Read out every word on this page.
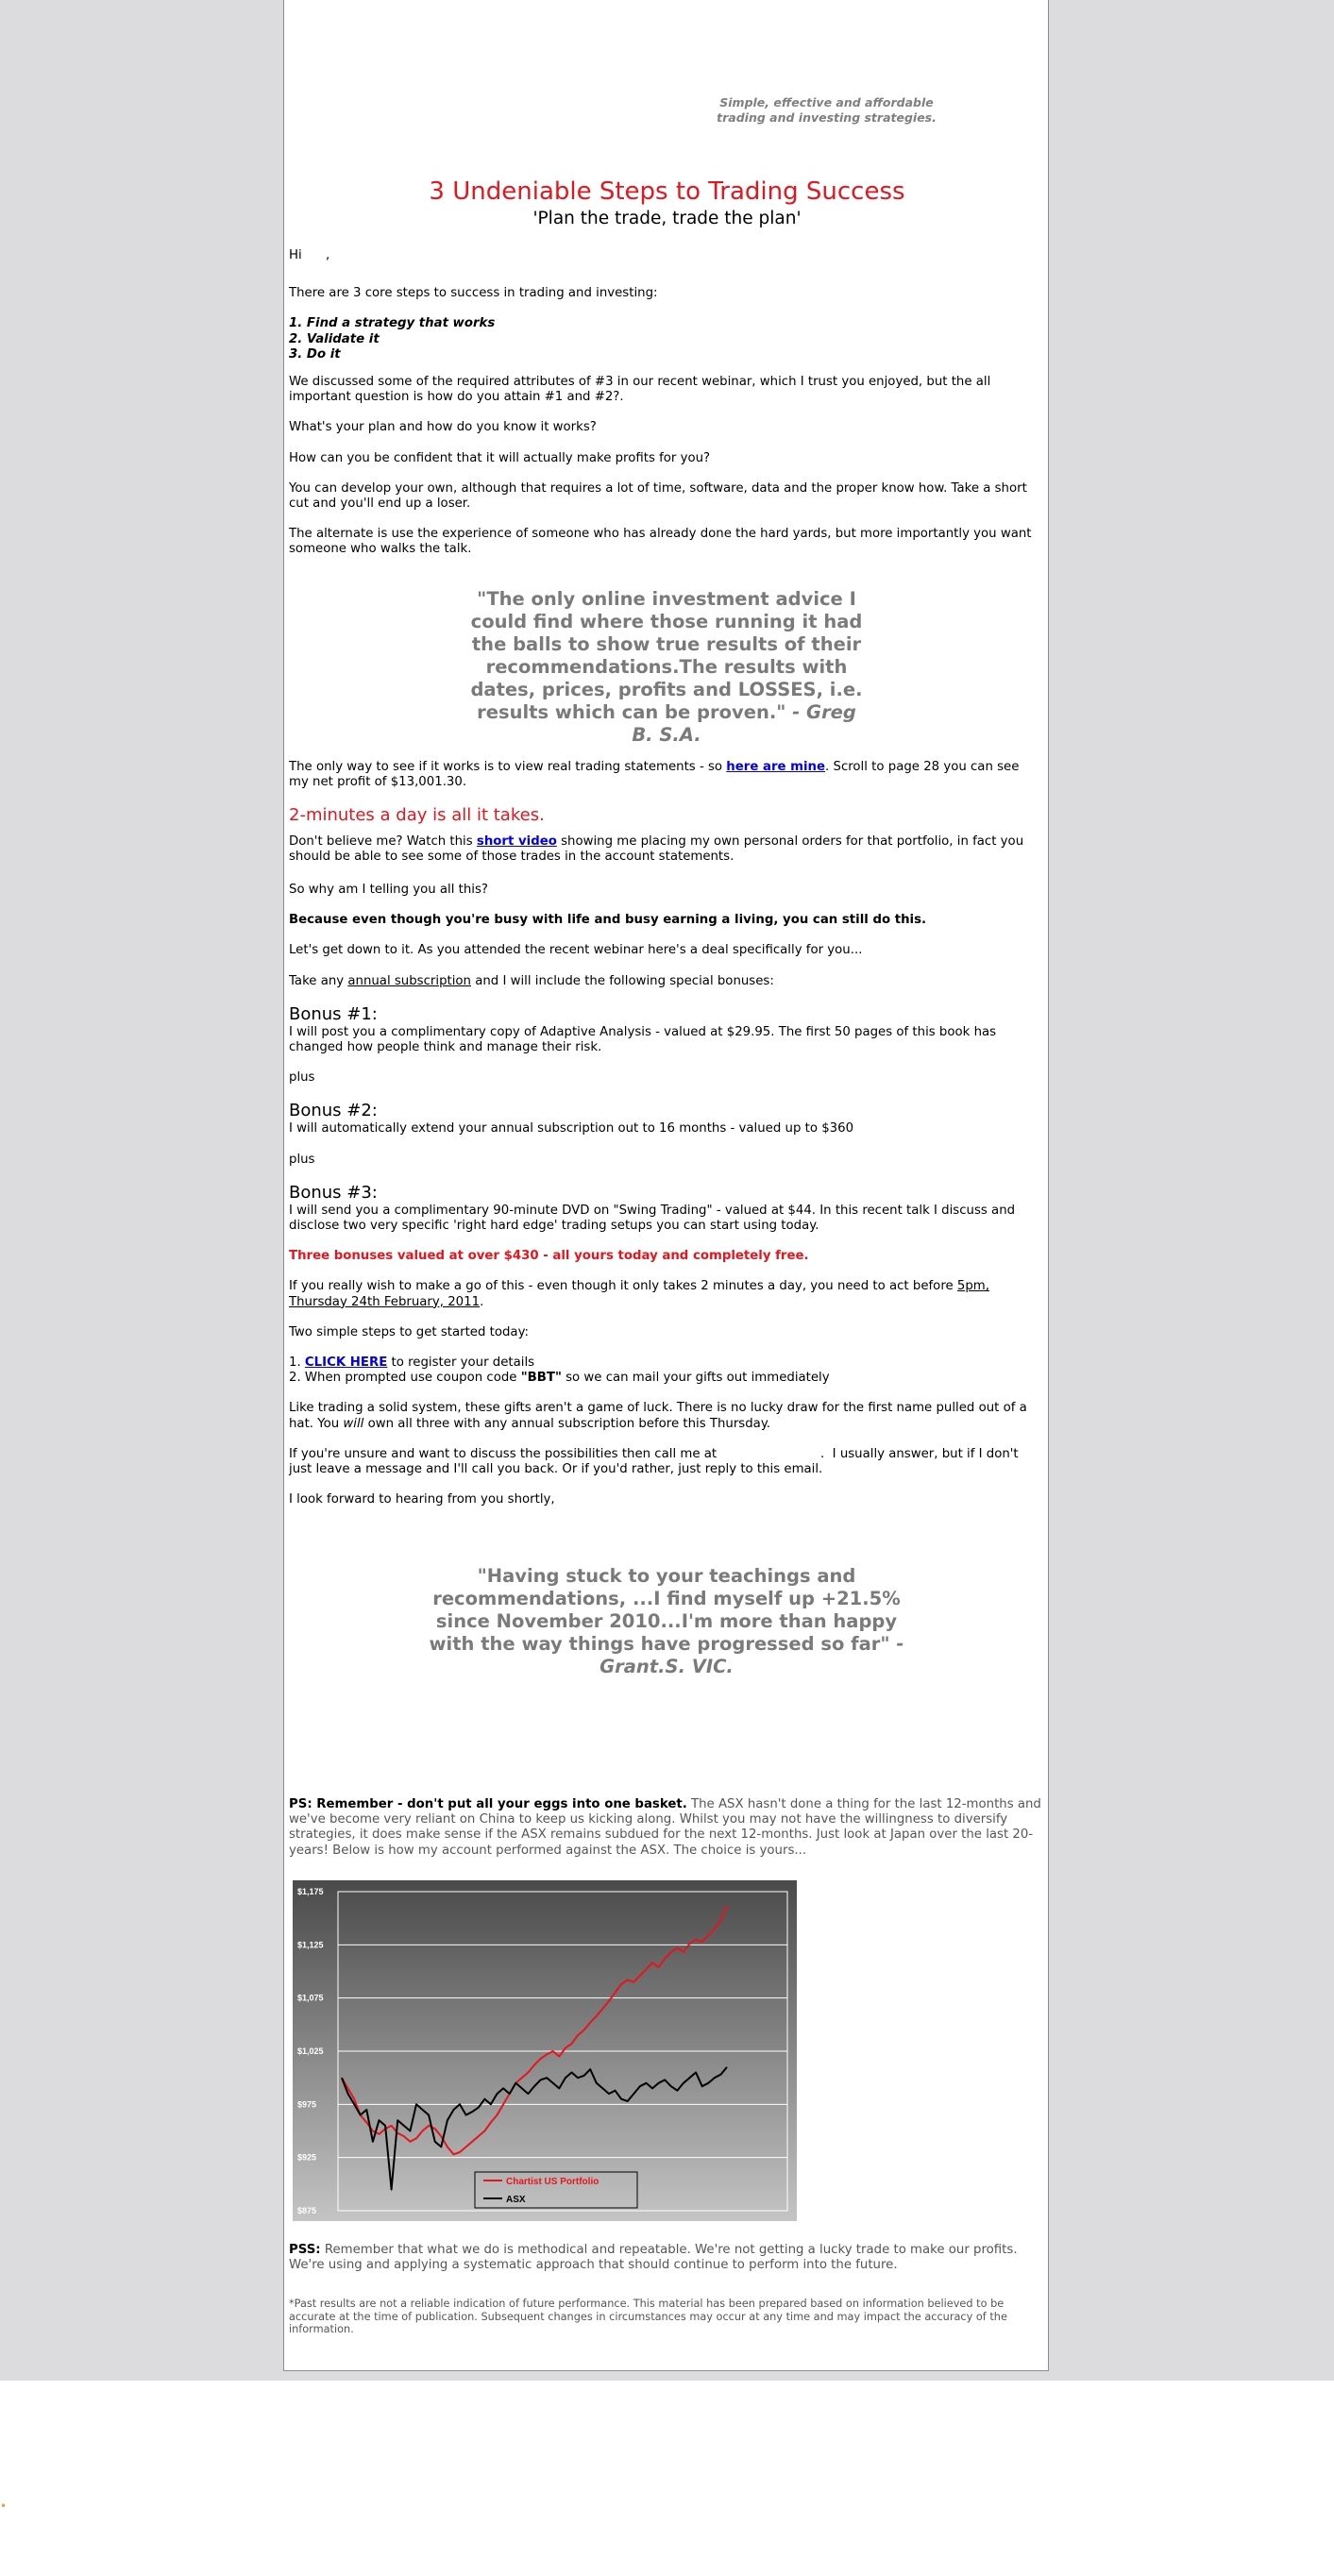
Simple, effective and affordable trading and investing strategies.
3 Undeniable Steps to Trading Success
'Plan the trade, trade the plan'

Hi      ,

There are 3 core steps to success in trading and investing:

1. Find a strategy that works
2. Validate it
3. Do it

We discussed some of the required attributes of #3 in our recent webinar, which I trust you enjoyed, but the all important question is how do you attain #1 and #2?.

What's your plan and how do you know it works?

How can you be confident that it will actually make profits for you?

You can develop your own, although that requires a lot of time, software, data and the proper know how. Take a short cut and you'll end up a loser.

The alternate is use the experience of someone who has already done the hard yards, but more importantly you want someone who walks the talk.

"The only online investment advice I could find where those running it had the balls to show true results of their recommendations.The results with dates, prices, profits and LOSSES, i.e. results which can be proven." - Greg B. S.A.

The only way to see if it works is to view real trading statements - so here are mine. Scroll to page 28 you can see my net profit of $13,001.30.

2-minutes a day is all it takes.

Don't believe me? Watch this short video showing me placing my own personal orders for that portfolio, in fact you should be able to see some of those trades in the account statements.

So why am I telling you all this?

Because even though you're busy with life and busy earning a living, you can still do this.

Let's get down to it. As you attended the recent webinar here's a deal specifically for you...

Take any annual subscription and I will include the following special bonuses:

Bonus #1:

I will post you a complimentary copy of Adaptive Analysis - valued at $29.95. The first 50 pages of this book has changed how people think and manage their risk.

plus

Bonus #2:

I will automatically extend your annual subscription out to 16 months - valued up to $360

plus

Bonus #3:

I will send you a complimentary 90-minute DVD on "Swing Trading" - valued at $44. In this recent talk I discuss and disclose two very specific 'right hard edge' trading setups you can start using today.

Three bonuses valued at over $430 - all yours today and completely free.

If you really wish to make a go of this - even though it only takes 2 minutes a day, you need to act before 5pm, Thursday 24th February, 2011.

Two simple steps to get started today:

1. CLICK HERE to register your details

2. When prompted use coupon code "BBT" so we can mail your gifts out immediately

Like trading a solid system, these gifts aren't a game of luck. There is no lucky draw for the first name pulled out of a hat. You will own all three with any annual subscription before this Thursday.

If you're unsure and want to discuss the possibilities then call me at                          .  I usually answer, but if I don't just leave a message and I'll call you back. Or if you'd rather, just reply to this email.

I look forward to hearing from you shortly,

"Having stuck to your teachings and recommendations, ...I find myself up +21.5% since November 2010...I'm more than happy with the way things have progressed so far" - Grant.S. VIC.

PS: Remember - don't put all your eggs into one basket. The ASX hasn't done a thing for the last 12-months and we've become very reliant on China to keep us kicking along. Whilst you may not have the willingness to diversify strategies, it does make sense if the ASX remains subdued for the next 12-months. Just look at Japan over the last 20-years! Below is how my account performed against the ASX. The choice is yours...

PSS: Remember that what we do is methodical and repeatable. We're not getting a lucky trade to make our profits. We're using and applying a systematic approach that should continue to perform into the future.

*Past results are not a reliable indication of future performance. This material has been prepared based on information believed to be accurate at the time of publication. Subsequent changes in circumstances may occur at any time and may impact the accuracy of the information.

$875
$925
$975
$1,025
$1,075
$1,125
$1,175
Chartist US Portfolio
ASX
•
